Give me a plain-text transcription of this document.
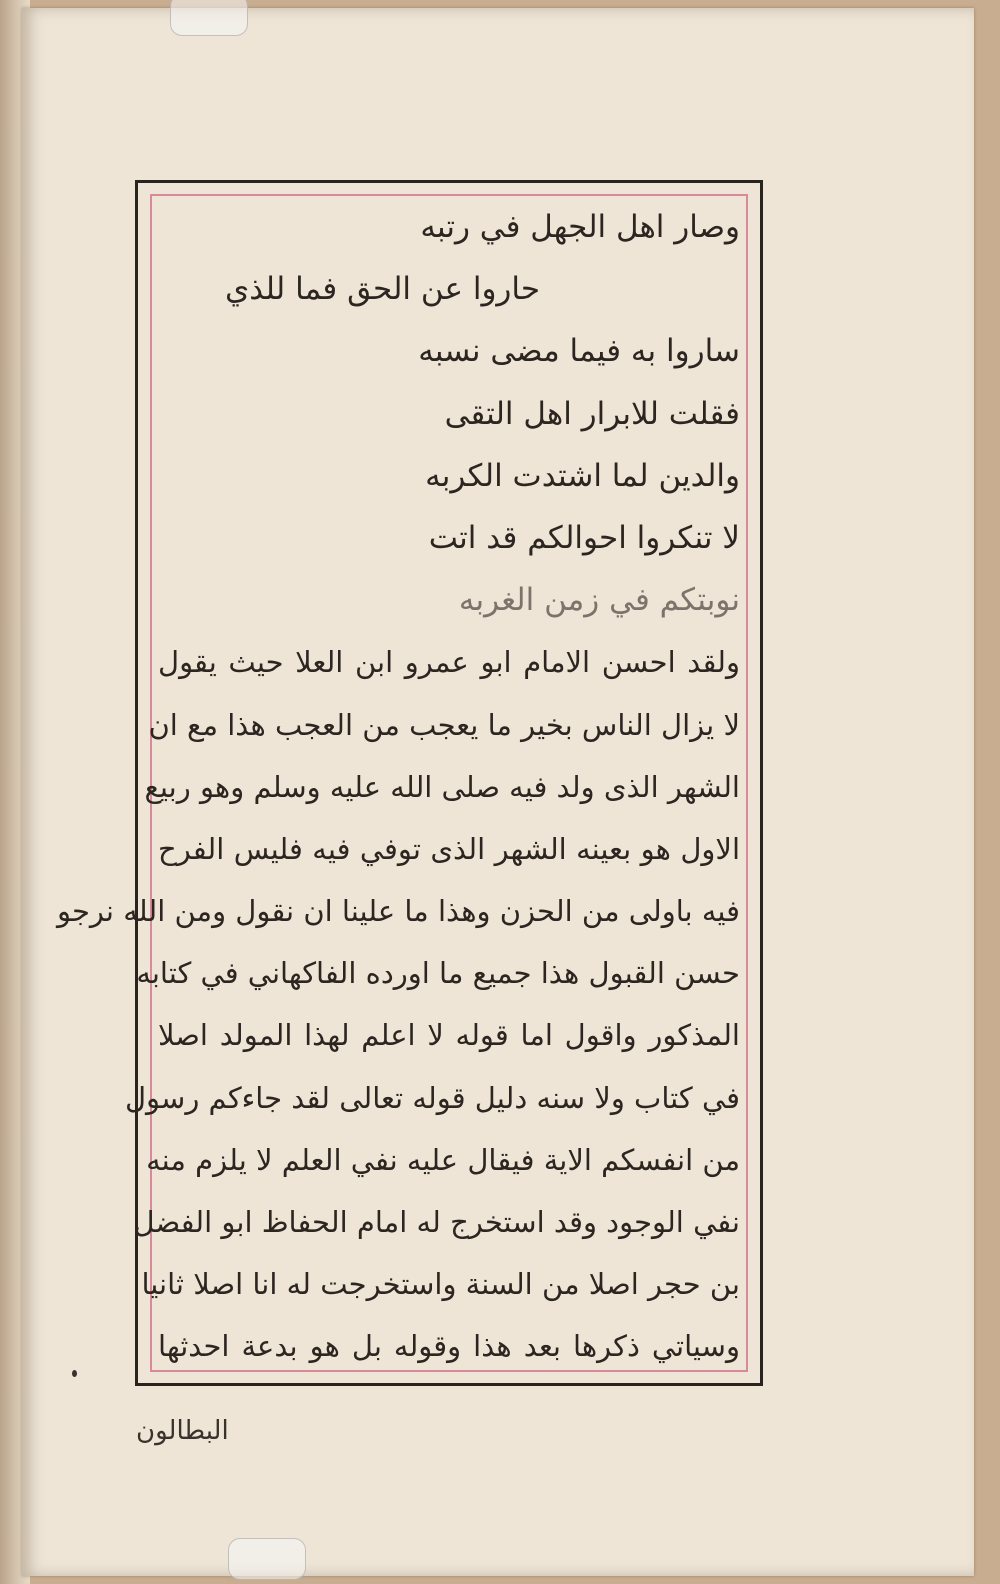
وصار اهل الجهل في رتبه
حاروا عن الحق فما للذي
ساروا به فيما مضى نسبه
فقلت للابرار اهل التقى
والدين لما اشتدت الكربه
لا تنكروا احوالكم قد اتت
نوبتكم في زمن الغربه
ولقد احسن الامام ابو عمرو ابن العلا حيث يقول
لا يزال الناس بخير ما يعجب من العجب هذا مع ان
الشهر الذى ولد فيه صلى الله عليه وسلم وهو ربيع
الاول هو بعينه الشهر الذى توفي فيه فليس الفرح
فيه باولى من الحزن وهذا ما علينا ان نقول ومن الله نرجو
حسن القبول هذا جميع ما اورده الفاكهاني في كتابه
المذكور واقول اما قوله لا اعلم لهذا المولد اصلا
في كتاب ولا سنه دليل قوله تعالى لقد جاءكم رسول
من انفسكم الاية فيقال عليه نفي العلم لا يلزم منه
نفي الوجود وقد استخرج له امام الحفاظ ابو الفضل
بن حجر اصلا من السنة واستخرجت له انا اصلا ثانيا
وسياتي ذكرها بعد هذا وقوله بل هو بدعة احدثها
البطالون
